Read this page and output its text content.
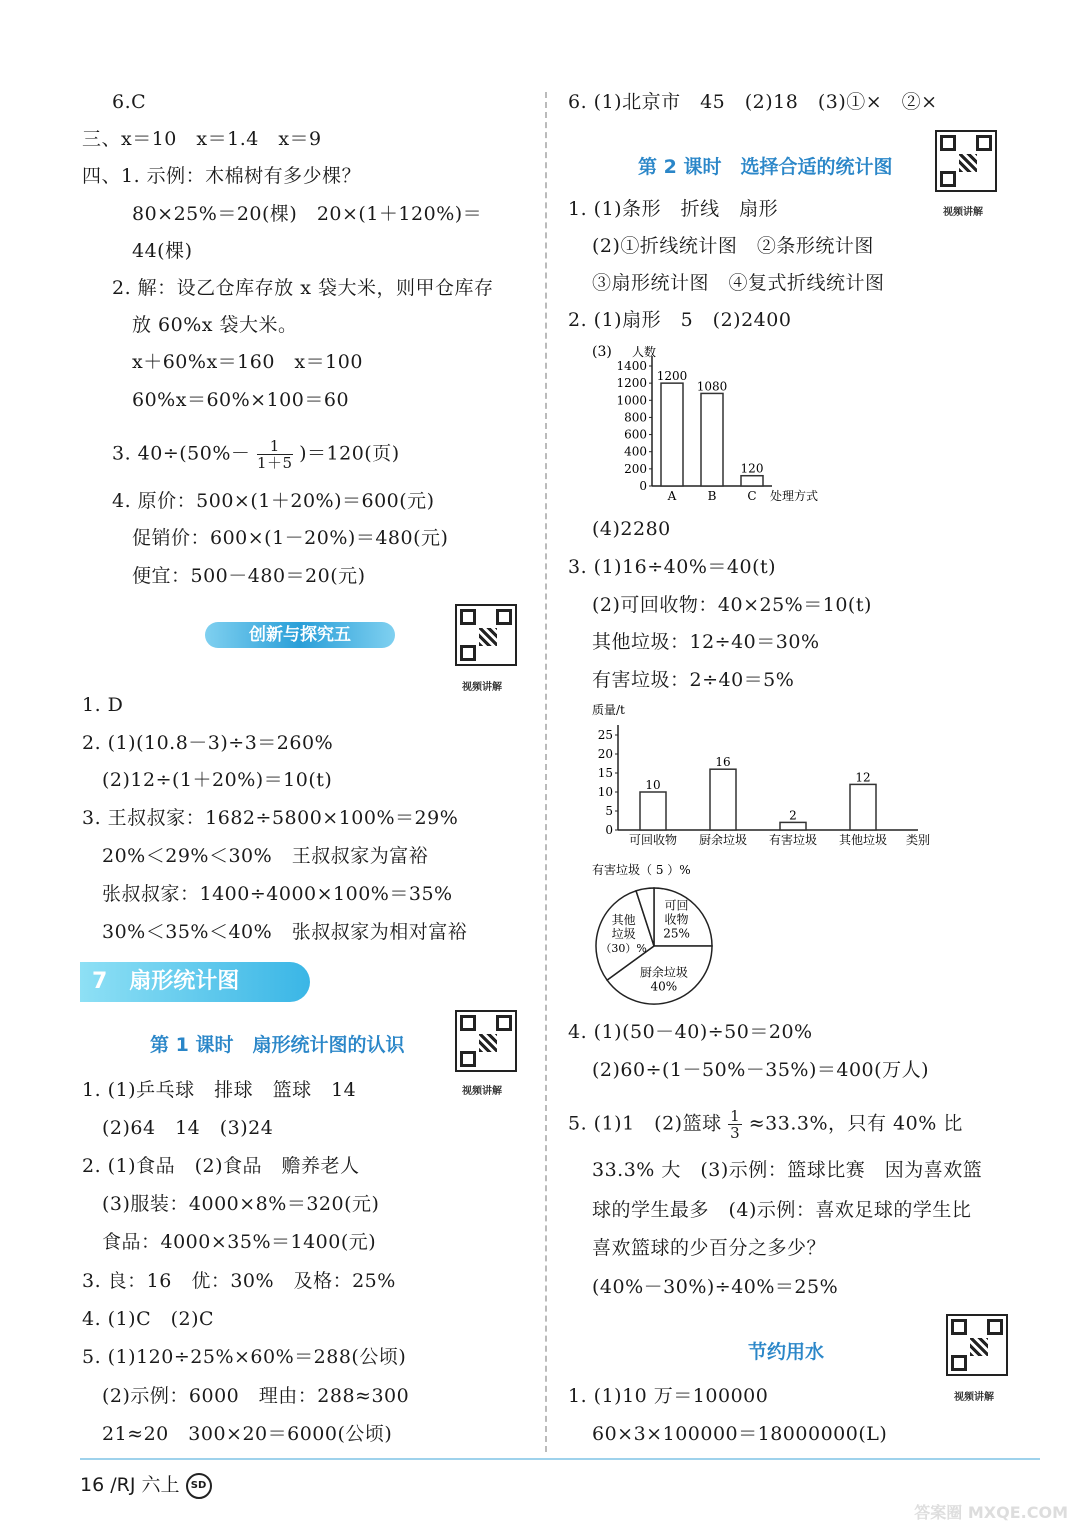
6.C
三、x＝10　x＝1.4　x＝9
四、1. 示例：木棉树有多少棵？
80×25%＝20(棵)　20×(1＋120%)＝
44(棵)
2. 解：设乙仓库存放 x 袋大米，则甲仓库存
放 60%x 袋大米。
x＋60%x＝160　x＝100
60%x＝60%×100＝60
3. $40\div(50\%- \frac{1}{1+5} )=120$(页)
4. 原价：500×(1＋20%)＝600(元)
促销价：600×(1－20%)＝480(元)
便宜：500－480＝20(元)
创新与探究五
视频讲解
1. D
2. (1)(10.8－3)÷3＝260%
(2)12÷(1＋20%)＝10(t)
3. 王叔叔家：1682÷5800×100%＝29%
20%＜29%＜30%　王叔叔家为富裕
张叔叔家：1400÷4000×100%＝35%
30%＜35%＜40%　张叔叔家为相对富裕
7　扇形统计图
第 1 课时　扇形统计图的认识
视频讲解
1. (1)乒乓球　排球　篮球　14
(2)64　14　(3)24
2. (1)食品　(2)食品　赡养老人
(3)服装：4000×8%＝320(元)
食品：4000×35%＝1400(元)
3. 良：16　优：30%　及格：25%
4. (1)C　(2)C
5. (1)120÷25%×60%＝288(公顷)
(2)示例：6000　理由：288≈300
21≈20　300×20＝6000(公顷)
6. (1)北京市　45　(2)18　(3)①×　②×
第 2 课时　选择合适的统计图
视频讲解
1. (1)条形　折线　扇形
(2)①折线统计图　②条形统计图
③扇形统计图　④复式折线统计图
2. (1)扇形　5　(2)2400
(3) 人数
0
200
400
600
800
1000
1200
1400
1200
A
1080
B
120
C 处理方式
(4)2280
3. (1)16÷40%＝40(t)
(2)可回收物：40×25%＝10(t)
其他垃圾：12÷40＝30%
有害垃圾：2÷40＝5%
质量/t
0
5
10
15
20
25
10
可回收物
16
厨余垃圾
2
有害垃圾
12
其他垃圾 类别
可回
收物
25%
厨余垃圾
40%
其他
垃圾
（30）%
有害垃圾（ 5 ）%
4. (1)(50－40)÷50＝20%
(2)60÷(1－50%－35%)＝400(万人)
5. (1)1　(2)篮球 $\frac{1}{3} \approx 33.3\%$，只有 40% 比
33.3% 大　(3)示例：篮球比赛　因为喜欢篮
球的学生最多　(4)示例：喜欢足球的学生比
喜欢篮球的少百分之多少？
(40%－30%)÷40%＝25%
节约用水
视频讲解
1. (1)10 万＝100000
60×3×100000＝18000000(L)
16 /RJ 六上 SD
答案圈 MXQE.COM
